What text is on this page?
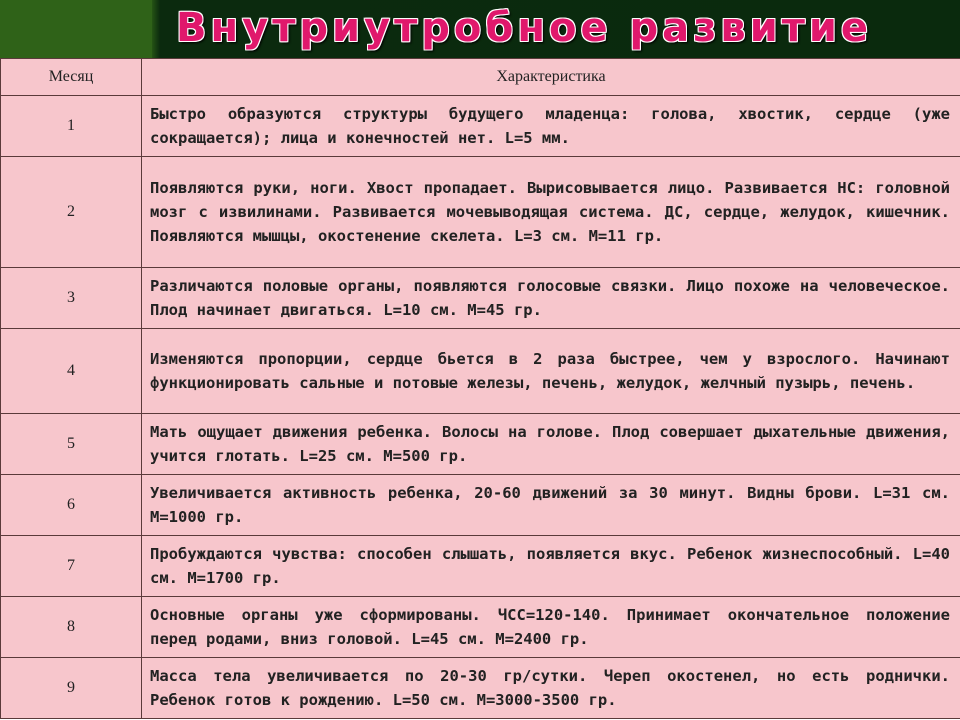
Внутриутробное развитие
Месяц	Характеристика
1	Быстро образуются структуры будущего младенца: голова, хвостик, сердце (уже сокращается); лица и конечностей нет. L=5 мм.
2	Появляются руки, ноги. Хвост пропадает. Вырисовывается лицо. Развивается НС: головной мозг с извилинами. Развивается мочевыводящая система. ДС, сердце, желудок, кишечник. Появляются мышцы, окостенение скелета. L=3 см. М=11 гр.
3	Различаются половые органы, появляются голосовые связки. Лицо похоже на человеческое. Плод начинает двигаться. L=10 см. М=45 гр.
4	Изменяются пропорции, сердце бьется в 2 раза быстрее, чем у взрослого. Начинают функционировать сальные и потовые железы, печень, желудок, желчный пузырь, печень.
5	Мать ощущает движения ребенка. Волосы на голове. Плод совершает дыхательные движения, учится глотать. L=25 см. М=500 гр.
6	Увеличивается активность ребенка, 20-60 движений за 30 минут. Видны брови. L=31 см. М=1000 гр.
7	Пробуждаются чувства: способен слышать, появляется вкус. Ребенок жизнеспособный. L=40 см. М=1700 гр.
8	Основные органы уже сформированы. ЧСС=120-140. Принимает окончательное положение перед родами, вниз головой. L=45 см. М=2400 гр.
9	Масса тела увеличивается по 20-30 гр/сутки. Череп окостенел, но есть роднички. Ребенок готов к рождению. L=50 см. М=3000-3500 гр.
